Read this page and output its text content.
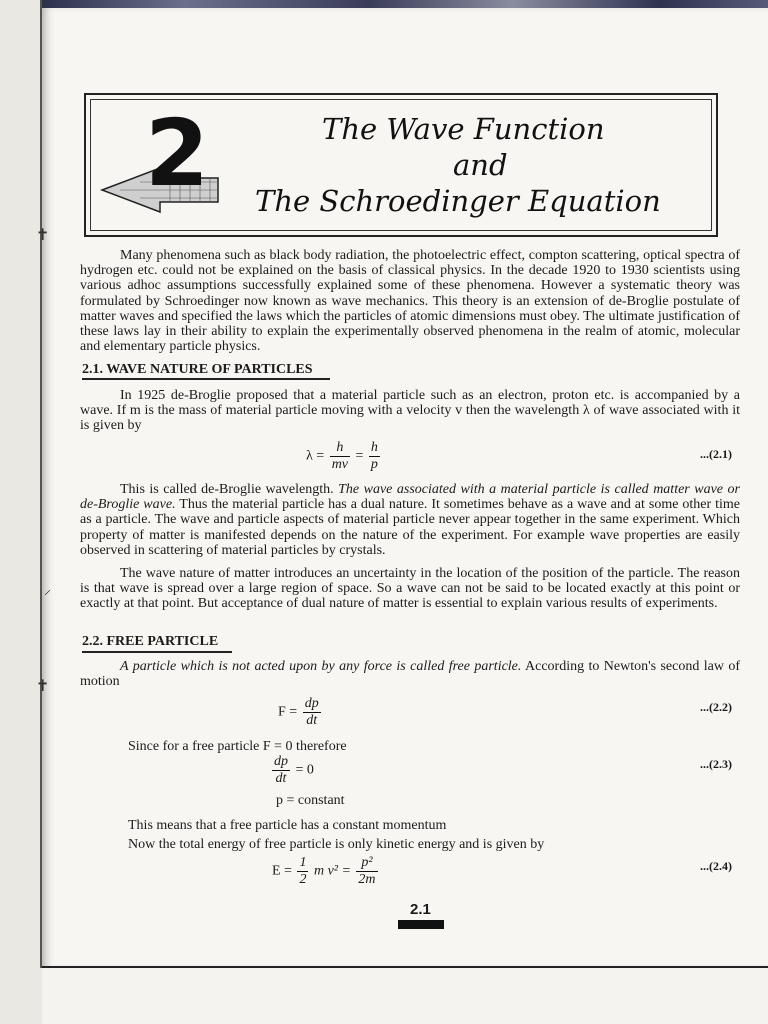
✝
✝
⸝
2	The Wave Function
and
The Schroedinger Equation

Many phenomena such as black body radiation, the photoelectric effect, compton scattering, optical spectra of hydrogen etc. could not be explained on the basis of classical physics. In the decade 1920 to 1930 scientists using various adhoc assumptions successfully explained some of these phenomena. However a systematic theory was formulated by Schroedinger now known as wave mechanics. This theory is an extension of de-Broglie postulate of matter waves and specified the laws which the particles of atomic dimensions must obey. The ultimate justification of these laws lay in their ability to explain the experimentally observed phenomena in the realm of atomic, molecular and elementary particle physics.

2.1. WAVE NATURE OF PARTICLES

In 1925 de-Broglie proposed that a material particle such as an electron, proton etc. is accompanied by a wave. If m is the mass of material particle moving with a velocity v then the wavelength λ of wave associated with it is given by

$\lambda = \frac{h}{mv} = \frac{h}{p}$	...(2.1)

This is called de-Broglie wavelength. The wave associated with a material particle is called matter wave or de-Broglie wave. Thus the material particle has a dual nature. It sometimes behave as a wave and at some other time as a particle. The wave and particle aspects of material particle never appear together in the same experiment. Which property of matter is manifested depends on the nature of the experiment. For example wave properties are easily observed in scattering of material particles by crystals.

The wave nature of matter introduces an uncertainty in the location of the position of the particle. The reason is that wave is spread over a large region of space. So a wave can not be said to be located exactly at this point or exactly at that point. But acceptance of dual nature of matter is essential to explain various results of experiments.

2.2. FREE PARTICLE

A particle which is not acted upon by any force is called free particle. According to Newton's second law of motion

$F = \frac{dp}{dt}$	...(2.2)
Since for a free particle F = 0 therefore
$\frac{dp}{dt} = 0$	...(2.3)
p = constant
This means that a free particle has a constant momentum
Now the total energy of free particle is only kinetic energy and is given by
$E = \frac{1}{2}$ m $v^2 = \frac{\text{p²}}{2m}$	...(2.4)
2.1
